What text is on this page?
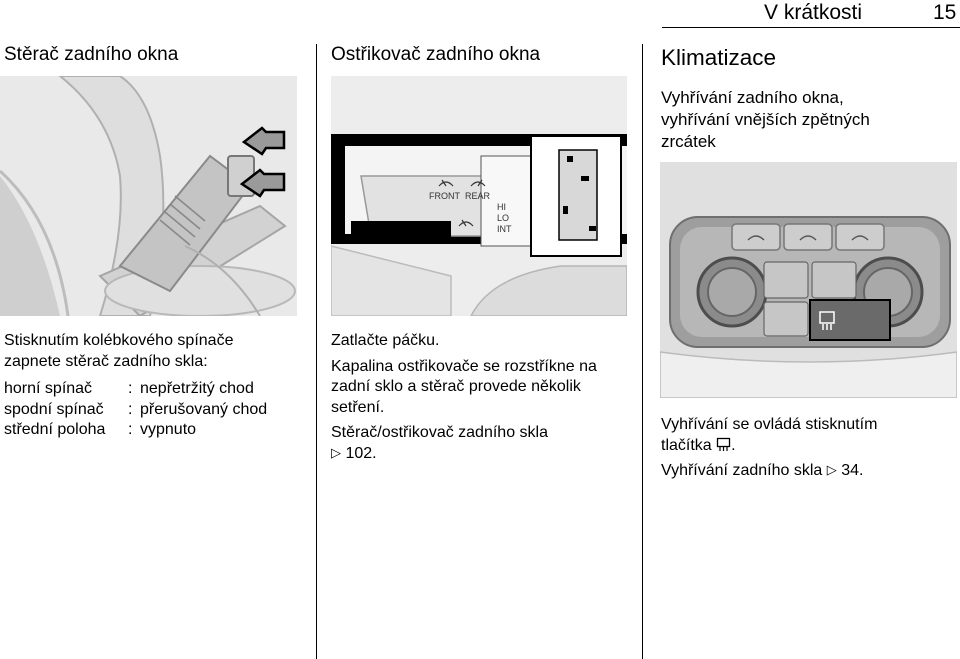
V krátkosti	15
Stěrač zadního okna

Stisknutím kolébkového spínače

zapnete stěrač zadního skla:

horní spínač	: nepřetržitý chod
spodní spínač	: přerušovaný chod
střední poloha	: vypnuto
Ostřikovač zadního okna
FRONT REAR
HI
LO
INT

Zatlačte páčku.

Kapalina ostřikovače se rozstříkne na

zadní sklo a stěrač provede několik

setření.

Stěrač/ostřikovač zadního skla

▷ 102.

Klimatizace

Vyhřívání zadního okna,

vyhřívání vnějších zpětných

zrcátek

Vyhřívání se ovládá stisknutím

tlačítka .

Vyhřívání zadního skla ▷ 34.
